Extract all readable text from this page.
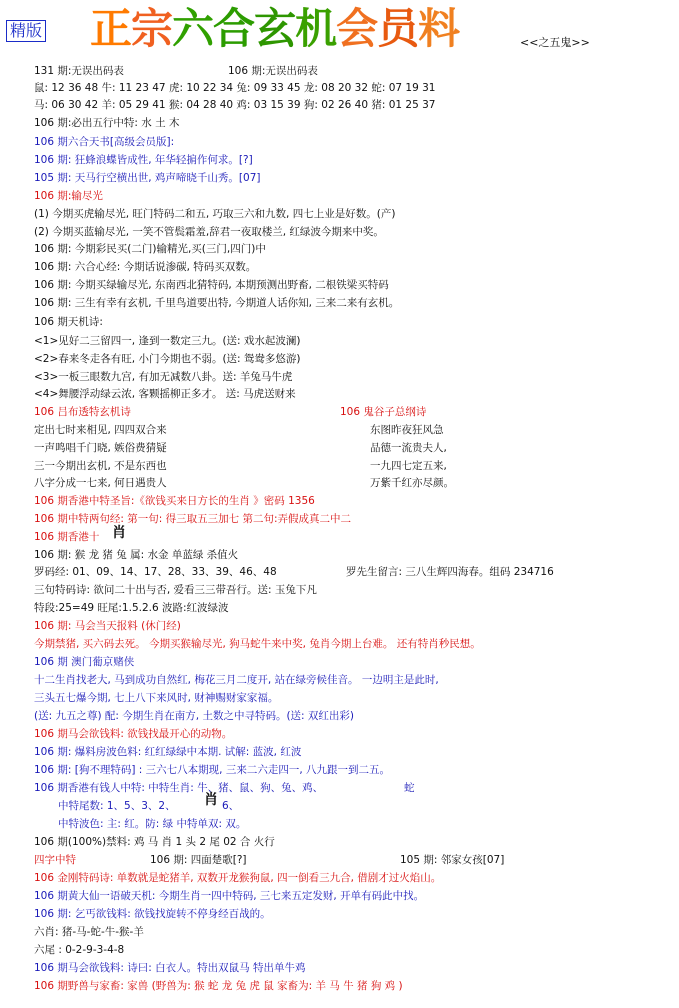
精版 正宗六合玄机会员料	<<之五鬼>>
131 期:无误出码表	106 期:无误出码表
鼠: 12 36 48 牛: 11 23 47 虎: 10 22 34 兔: 09 33 45 龙: 08 20 32 蛇: 07 19 31
马: 06 30 42 羊: 05 29 41 猴: 04 28 40 鸡: 03 15 39 狗: 02 26 40 猪: 01 25 37
106 期:必出五行中特: 水 土 木
106 期六合天书[高级会员版]:
106 期: 狂蜂浪蝶皆成性, 年华轻掮作何求。[?]
105 期: 天马行空横出世, 鸡声啼晓千山秀。[07]
106 期:输尽光
(1) 今期买虎输尽光, 旺门特码二和五, 巧取三六和九数, 四七上业是好数。(产)
(2) 今期买蓝输尽光, 一笑不管鬓霜羞,辞君一夜取楼兰, 红绿波今期来中奖。
106 期: 今期彩民买(二门)输精光,买(三门,四门)中
106 期: 六合心经: 今期话说渗碳, 特码买双数。
106 期: 今期买绿输尽光, 东南西北猜特码, 本期预测出野畜, 二根铁梁买特码
106 期: 三生有幸有玄机, 千里鸟道要出特, 今期道人话你知, 三来二来有玄机。
106 期天机诗:
<1>见好二三留四一, 逢到一数定三九。(送: 戏水起波澜)
<2>春来冬走各有旺, 小门今期也不弱。(送: 鸳鸯多悠游)
<3>一板三眼数九宫, 有加无减数八卦。送: 羊兔马牛虎
<4>舞腰浮动绿云浓, 客颗摇柳正多才。 送: 马虎送财来
106 吕布透特玄机诗	106 鬼谷子总纲诗
定出七时来相见, 四四双合来	东图昨夜狂风急
一声鸣唱千门晓, 嫉俗费猜疑	品德一流贵夫人,
三一今期出玄机, 不是东西也	一九四七定五来,
八字分成一七来, 何日遇贵人	万紫千红亦尽颜。
106 期香港中特圣旨:《欲钱买来日方长的生肖 》密码 1356
106 期中特两句经: 第一句: 得三取五三加七 第二句:弄假成真二中二
106 期香港十 肖
106 期: 猴 龙 猪 兔 属: 水金 单蓝绿 杀值火
罗码经: 01、09、14、17、28、33、39、46、48	罗先生留言: 三八生辉四海春。组码 234716
三句特码诗: 欲问二十出与否, 爱看三三带吾行。送: 玉兔下凡
特段:25=49 旺尾:1.5.2.6 波路:红波绿波
106 期: 马会当天报料 (休门经)
今期禁猪, 买六码去死。 今期买猴输尽光, 狗马蛇牛来中奖, 兔肖今期上台难。 还有特肖秒民想。
106 期 澳门葡京赌侠
十二生肖找老大, 马到成功自然红, 梅花三月二度开, 站在绿旁候佳音。 一边明主是此时,
三头五七爆今期, 七上八下来风时, 财神赐财家家福。
(送: 九五之尊) 配: 今期生肖在南方, 土数之中寻特码。(送: 双红出彩)
106 期马会欲钱料: 欲钱找最开心的动物。
106 期: 爆料房波色料: 红红绿绿中本期. 试解: 蓝波, 红波
106 期: [狗不理特码] : 三六七八本期现, 三来二六走四一, 八九跟一到二五。
106 期香港有钱人中特: 中特生肖: 牛、猪、鼠、狗、兔、鸡、	蛇
中特尾数: 1、5、3、2、 肖 6、
中特波色: 主: 红。防: 绿 中特单双: 双。
106 期(100%)禁料: 鸡 马 肖 1 头 2 尾 02 合 火行
四字中特	106 期: 四面楚歌[?]	105 期: 邻家女孩[07]
106 金刚特码诗: 单数就是蛇猪羊, 双数开龙猴狗鼠, 四一倒看三九合, 借剧才过火焰山。
106 期黄大仙一语破天机: 今期生肖一四中特码, 三七来五定发财, 开单有码此中找。
106 期: 乞丐欲钱料: 欲钱找旋转不停身经百战的。
六肖: 猪-马-蛇-牛-猴-羊
六尾 : 0-2-9-3-4-8
106 期马会欲钱料: 诗曰: 白衣人。特出双鼠马 特出单牛鸡
106 期野兽与家畜: 家兽 (野兽为: 猴 蛇 龙 兔 虎 鼠 家畜为: 羊 马 牛 猪 狗 鸡 )
